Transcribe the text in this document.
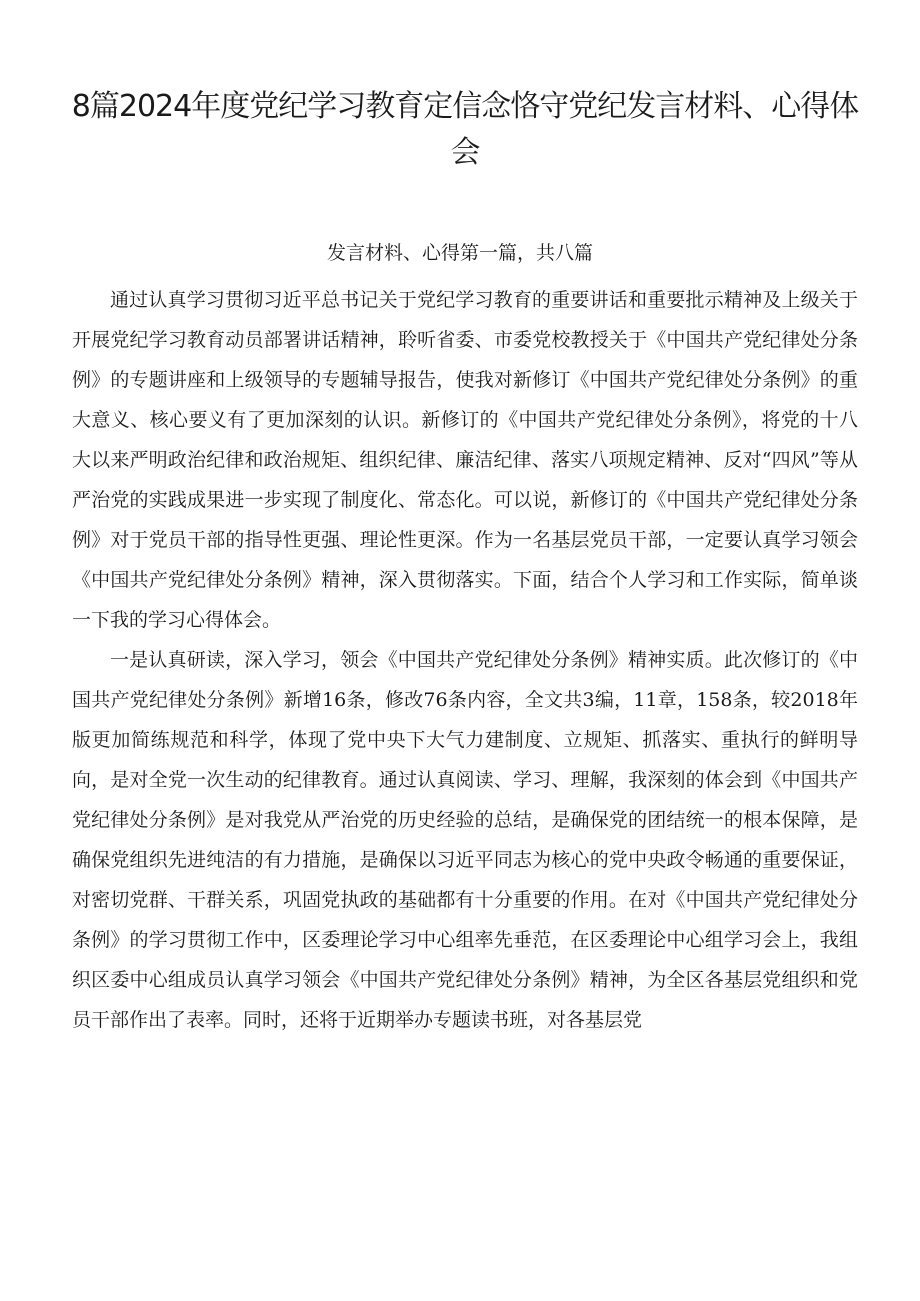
8篇2024年度党纪学习教育定信念恪守党纪发言材料、心得体会

发言材料、心得第一篇，共八篇

通过认真学习贯彻习近平总书记关于党纪学习教育的重要讲话和重要批示精神及上级关于开展党纪学习教育动员部署讲话精神，聆听省委、市委党校教授关于《中国共产党纪律处分条例》的专题讲座和上级领导的专题辅导报告，使我对新修订《中国共产党纪律处分条例》的重大意义、核心要义有了更加深刻的认识。新修订的《中国共产党纪律处分条例》，将党的十八大以来严明政治纪律和政治规矩、组织纪律、廉洁纪律、落实八项规定精神、反对“四风”等从严治党的实践成果进一步实现了制度化、常态化。可以说，新修订的《中国共产党纪律处分条例》对于党员干部的指导性更强、理论性更深。作为一名基层党员干部，一定要认真学习领会《中国共产党纪律处分条例》精神，深入贯彻落实。下面，结合个人学习和工作实际，简单谈一下我的学习心得体会。

一是认真研读，深入学习，领会《中国共产党纪律处分条例》精神实质。此次修订的《中国共产党纪律处分条例》新增16条，修改76条内容，全文共3编，11章，158条，较2018年版更加简练规范和科学，体现了党中央下大气力建制度、立规矩、抓落实、重执行的鲜明导向，是对全党一次生动的纪律教育。通过认真阅读、学习、理解，我深刻的体会到《中国共产党纪律处分条例》是对我党从严治党的历史经验的总结，是确保党的团结统一的根本保障，是确保党组织先进纯洁的有力措施，是确保以习近平同志为核心的党中央政令畅通的重要保证，对密切党群、干群关系，巩固党执政的基础都有十分重要的作用。在对《中国共产党纪律处分条例》的学习贯彻工作中，区委理论学习中心组率先垂范，在区委理论中心组学习会上，我组织区委中心组成员认真学习领会《中国共产党纪律处分条例》精神，为全区各基层党组织和党员干部作出了表率。同时，还将于近期举办专题读书班，对各基层党
